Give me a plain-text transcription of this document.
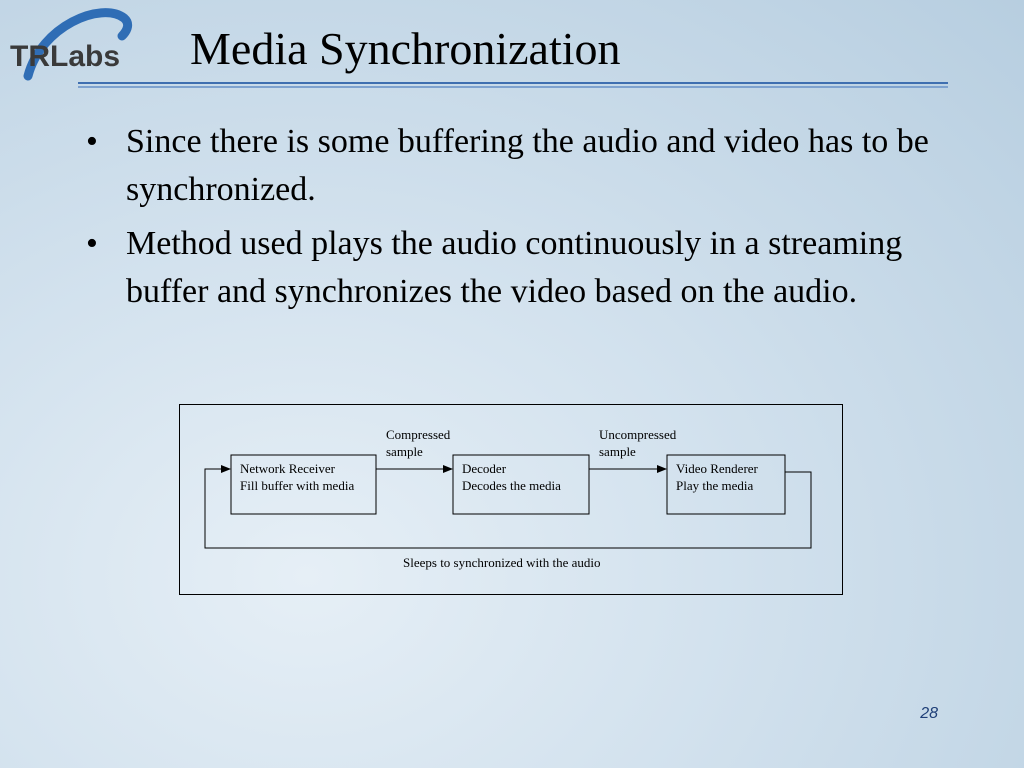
TRLabs Media Synchronization
• Since there is some buffering the audio and video has to be synchronized.
• Method used plays the audio continuously in a streaming buffer and synchronizes the video based on the audio.
Compressed
sample
Uncompressed
sample
Network Receiver
Fill buffer with media
Decoder
Decodes the media
Video Renderer
Play the media
Sleeps to synchronized with the audio
28
